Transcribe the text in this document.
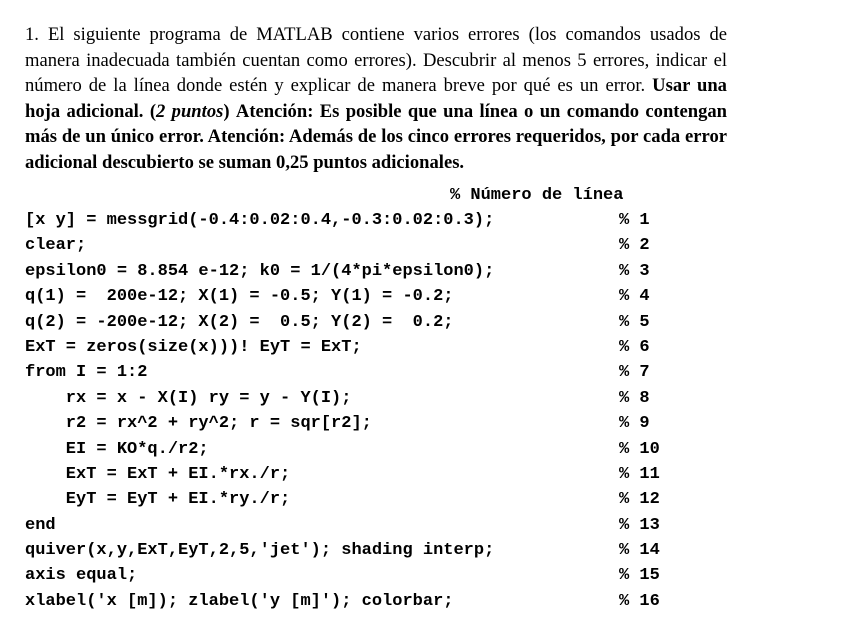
1. El siguiente programa de MATLAB contiene varios errores (los comandos usados de manera inadecuada también cuentan como errores). Descubrir al menos 5 errores, indicar el número de la línea donde estén y explicar de manera breve por qué es un error. Usar una hoja adicional. (2 puntos) Atención: Es posible que una línea o un comando contengan más de un único error. Atención: Además de los cinco errores requeridos, por cada error adicional descubierto se suman 0,25 puntos adicionales.

% Número de línea
[x y] = messgrid(-0.4:0.02:0.4,-0.3:0.02:0.3);	% 1
clear;	% 2
epsilon0 = 8.854 e-12; k0 = 1/(4*pi*epsilon0);	% 3
q(1) =  200e-12; X(1) = -0.5; Y(1) = -0.2;	% 4
q(2) = -200e-12; X(2) =  0.5; Y(2) =  0.2;	% 5
ExT = zeros(size(x)))! EyT = ExT;	% 6
from I = 1:2	% 7
rx = x - X(I) ry = y - Y(I);	% 8
r2 = rx^2 + ry^2; r = sqr[r2];	% 9
EI = KO*q./r2;	% 10
ExT = ExT + EI.*rx./r;	% 11
EyT = EyT + EI.*ry./r;	% 12
end	% 13
quiver(x,y,ExT,EyT,2,5,'jet'); shading interp;	% 14
axis equal;	% 15
xlabel('x [m]); zlabel('y [m]'); colorbar;	% 16
